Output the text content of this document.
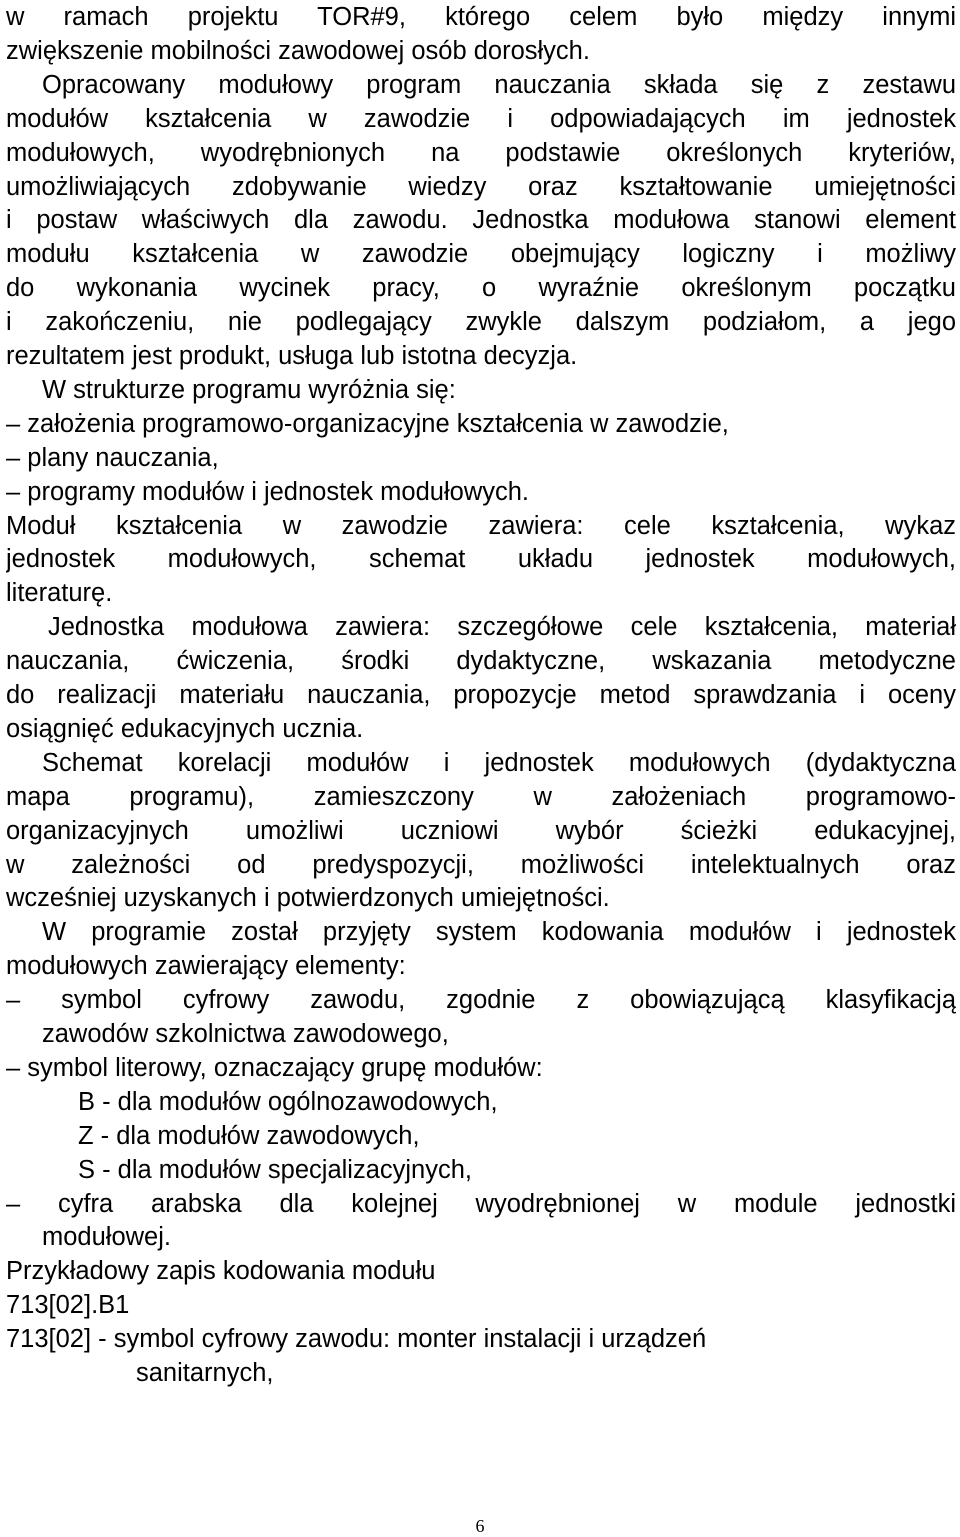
w ramach projektu TOR#9, którego celem było między innymi
zwiększenie mobilności zawodowej osób dorosłych.
Opracowany modułowy program nauczania składa się z zestawu
modułów kształcenia w zawodzie i odpowiadających im jednostek
modułowych, wyodrębnionych na podstawie określonych kryteriów,
umożliwiających zdobywanie wiedzy oraz kształtowanie umiejętności
i postaw właściwych dla zawodu. Jednostka modułowa stanowi element
modułu kształcenia w zawodzie obejmujący logiczny i możliwy
do wykonania wycinek pracy, o wyraźnie określonym początku
i zakończeniu, nie podlegający zwykle dalszym podziałom, a jego
rezultatem jest produkt, usługa lub istotna decyzja.
W strukturze programu wyróżnia się:
– założenia programowo-organizacyjne kształcenia w zawodzie,
– plany nauczania,
– programy modułów i jednostek modułowych.
Moduł kształcenia w zawodzie zawiera: cele kształcenia, wykaz
jednostek modułowych, schemat układu jednostek modułowych,
literaturę.
Jednostka modułowa zawiera: szczegółowe cele kształcenia, materiał
nauczania, ćwiczenia, środki dydaktyczne, wskazania metodyczne
do realizacji materiału nauczania, propozycje metod sprawdzania i oceny
osiągnięć edukacyjnych ucznia.
Schemat korelacji modułów i jednostek modułowych (dydaktyczna
mapa programu), zamieszczony w założeniach programowo-
organizacyjnych umożliwi uczniowi wybór ścieżki edukacyjnej,
w zależności od predyspozycji, możliwości intelektualnych oraz
wcześniej uzyskanych i potwierdzonych umiejętności.
W programie został przyjęty system kodowania modułów i jednostek
modułowych zawierający elementy:
– symbol cyfrowy zawodu, zgodnie z obowiązującą klasyfikacją
zawodów szkolnictwa zawodowego,
– symbol literowy, oznaczający grupę modułów:
B - dla modułów ogólnozawodowych,
Z - dla modułów zawodowych,
S - dla modułów specjalizacyjnych,
– cyfra arabska dla kolejnej wyodrębnionej w module jednostki
modułowej.
Przykładowy zapis kodowania modułu
713[02].B1
713[02] - symbol cyfrowy zawodu: monter instalacji i urządzeń
sanitarnych,
6
